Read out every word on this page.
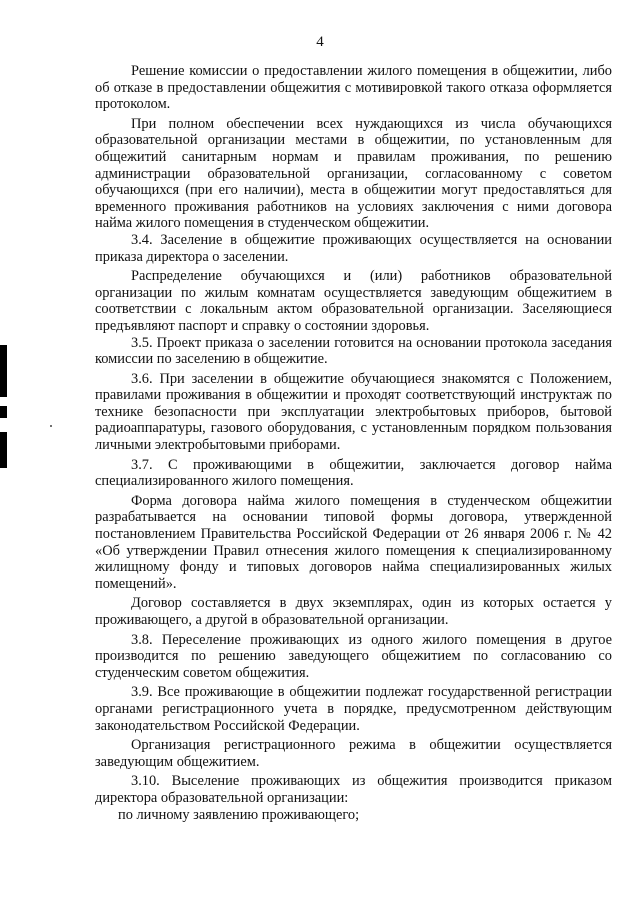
4

Решение комиссии о предоставлении жилого помещения в общежитии, либо об отказе в предоставлении общежития с мотивировкой такого отказа оформляется протоколом.

При полном обеспечении всех нуждающихся из числа обучающихся образовательной организации местами в общежитии, по установленным для общежитий санитарным нормам и правилам проживания, по решению администрации образовательной организации, согласованному с советом обучающихся (при его наличии), места в общежитии могут предоставляться для временного проживания работников на условиях заключения с ними договора найма жилого помещения в студенческом общежитии.

3.4. Заселение в общежитие проживающих осуществляется на основании приказа директора о заселении.

Распределение обучающихся и (или) работников образовательной организации по жилым комнатам осуществляется заведующим общежитием в соответствии с локальным актом образовательной организации. Заселяющиеся предъявляют паспорт и справку о состоянии здоровья.

3.5. Проект приказа о заселении готовится на основании протокола заседания комиссии по заселению в общежитие.

3.6. При заселении в общежитие обучающиеся знакомятся с Положением, правилами проживания в общежитии и проходят соответствующий инструктаж по технике безопасности при эксплуатации электробытовых приборов, бытовой радиоаппаратуры, газового оборудования, с установленным порядком пользования личными электробытовыми приборами.

3.7. С проживающими в общежитии, заключается договор найма специализированного жилого помещения.

Форма договора найма жилого помещения в студенческом общежитии разрабатывается на основании типовой формы договора, утвержденной постановлением Правительства Российской Федерации от 26 января 2006 г. № 42 «Об утверждении Правил отнесения жилого помещения к специализированному жилищному фонду и типовых договоров найма специализированных жилых помещений».

Договор составляется в двух экземплярах, один из которых остается у проживающего, а другой в образовательной организации.

3.8. Переселение проживающих из одного жилого помещения в другое производится по решению заведующего общежитием по согласованию со студенческим советом общежития.

3.9. Все проживающие в общежитии подлежат государственной регистрации органами регистрационного учета в порядке, предусмотренном действующим законодательством Российской Федерации.

Организация регистрационного режима в общежитии осуществляется заведующим общежитием.

3.10. Выселение проживающих из общежития производится приказом директора образовательной организации:

по личному заявлению проживающего;
